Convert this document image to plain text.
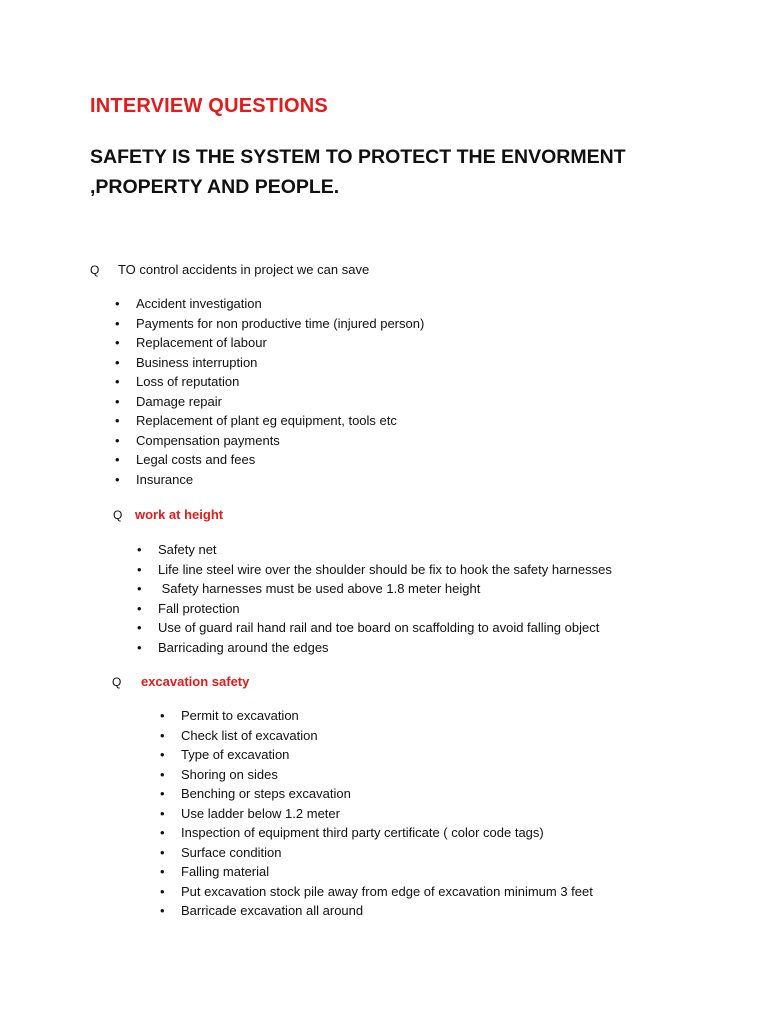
INTERVIEW QUESTIONS
SAFETY IS THE SYSTEM TO PROTECT THE ENVORMENT ,PROPERTY AND PEOPLE.
Q TO control accidents in project we can save
• Accident investigation
• Payments for non productive time (injured person)
• Replacement of labour
• Business interruption
• Loss of reputation
• Damage repair
• Replacement of plant eg equipment, tools etc
• Compensation payments
• Legal costs and fees
• Insurance
Q work at height
• Safety net
• Life line steel wire over the shoulder should be fix to hook the safety harnesses
• Safety harnesses must be used above 1.8 meter height
• Fall protection
• Use of guard rail hand rail and toe board on scaffolding to avoid falling object
• Barricading around the edges
Q excavation safety
• Permit to excavation
• Check list of excavation
• Type of excavation
• Shoring on sides
• Benching or steps excavation
• Use ladder below 1.2 meter
• Inspection of equipment third party certificate ( color code tags)
• Surface condition
• Falling material
• Put excavation stock pile away from edge of excavation minimum 3 feet
• Barricade excavation all around
